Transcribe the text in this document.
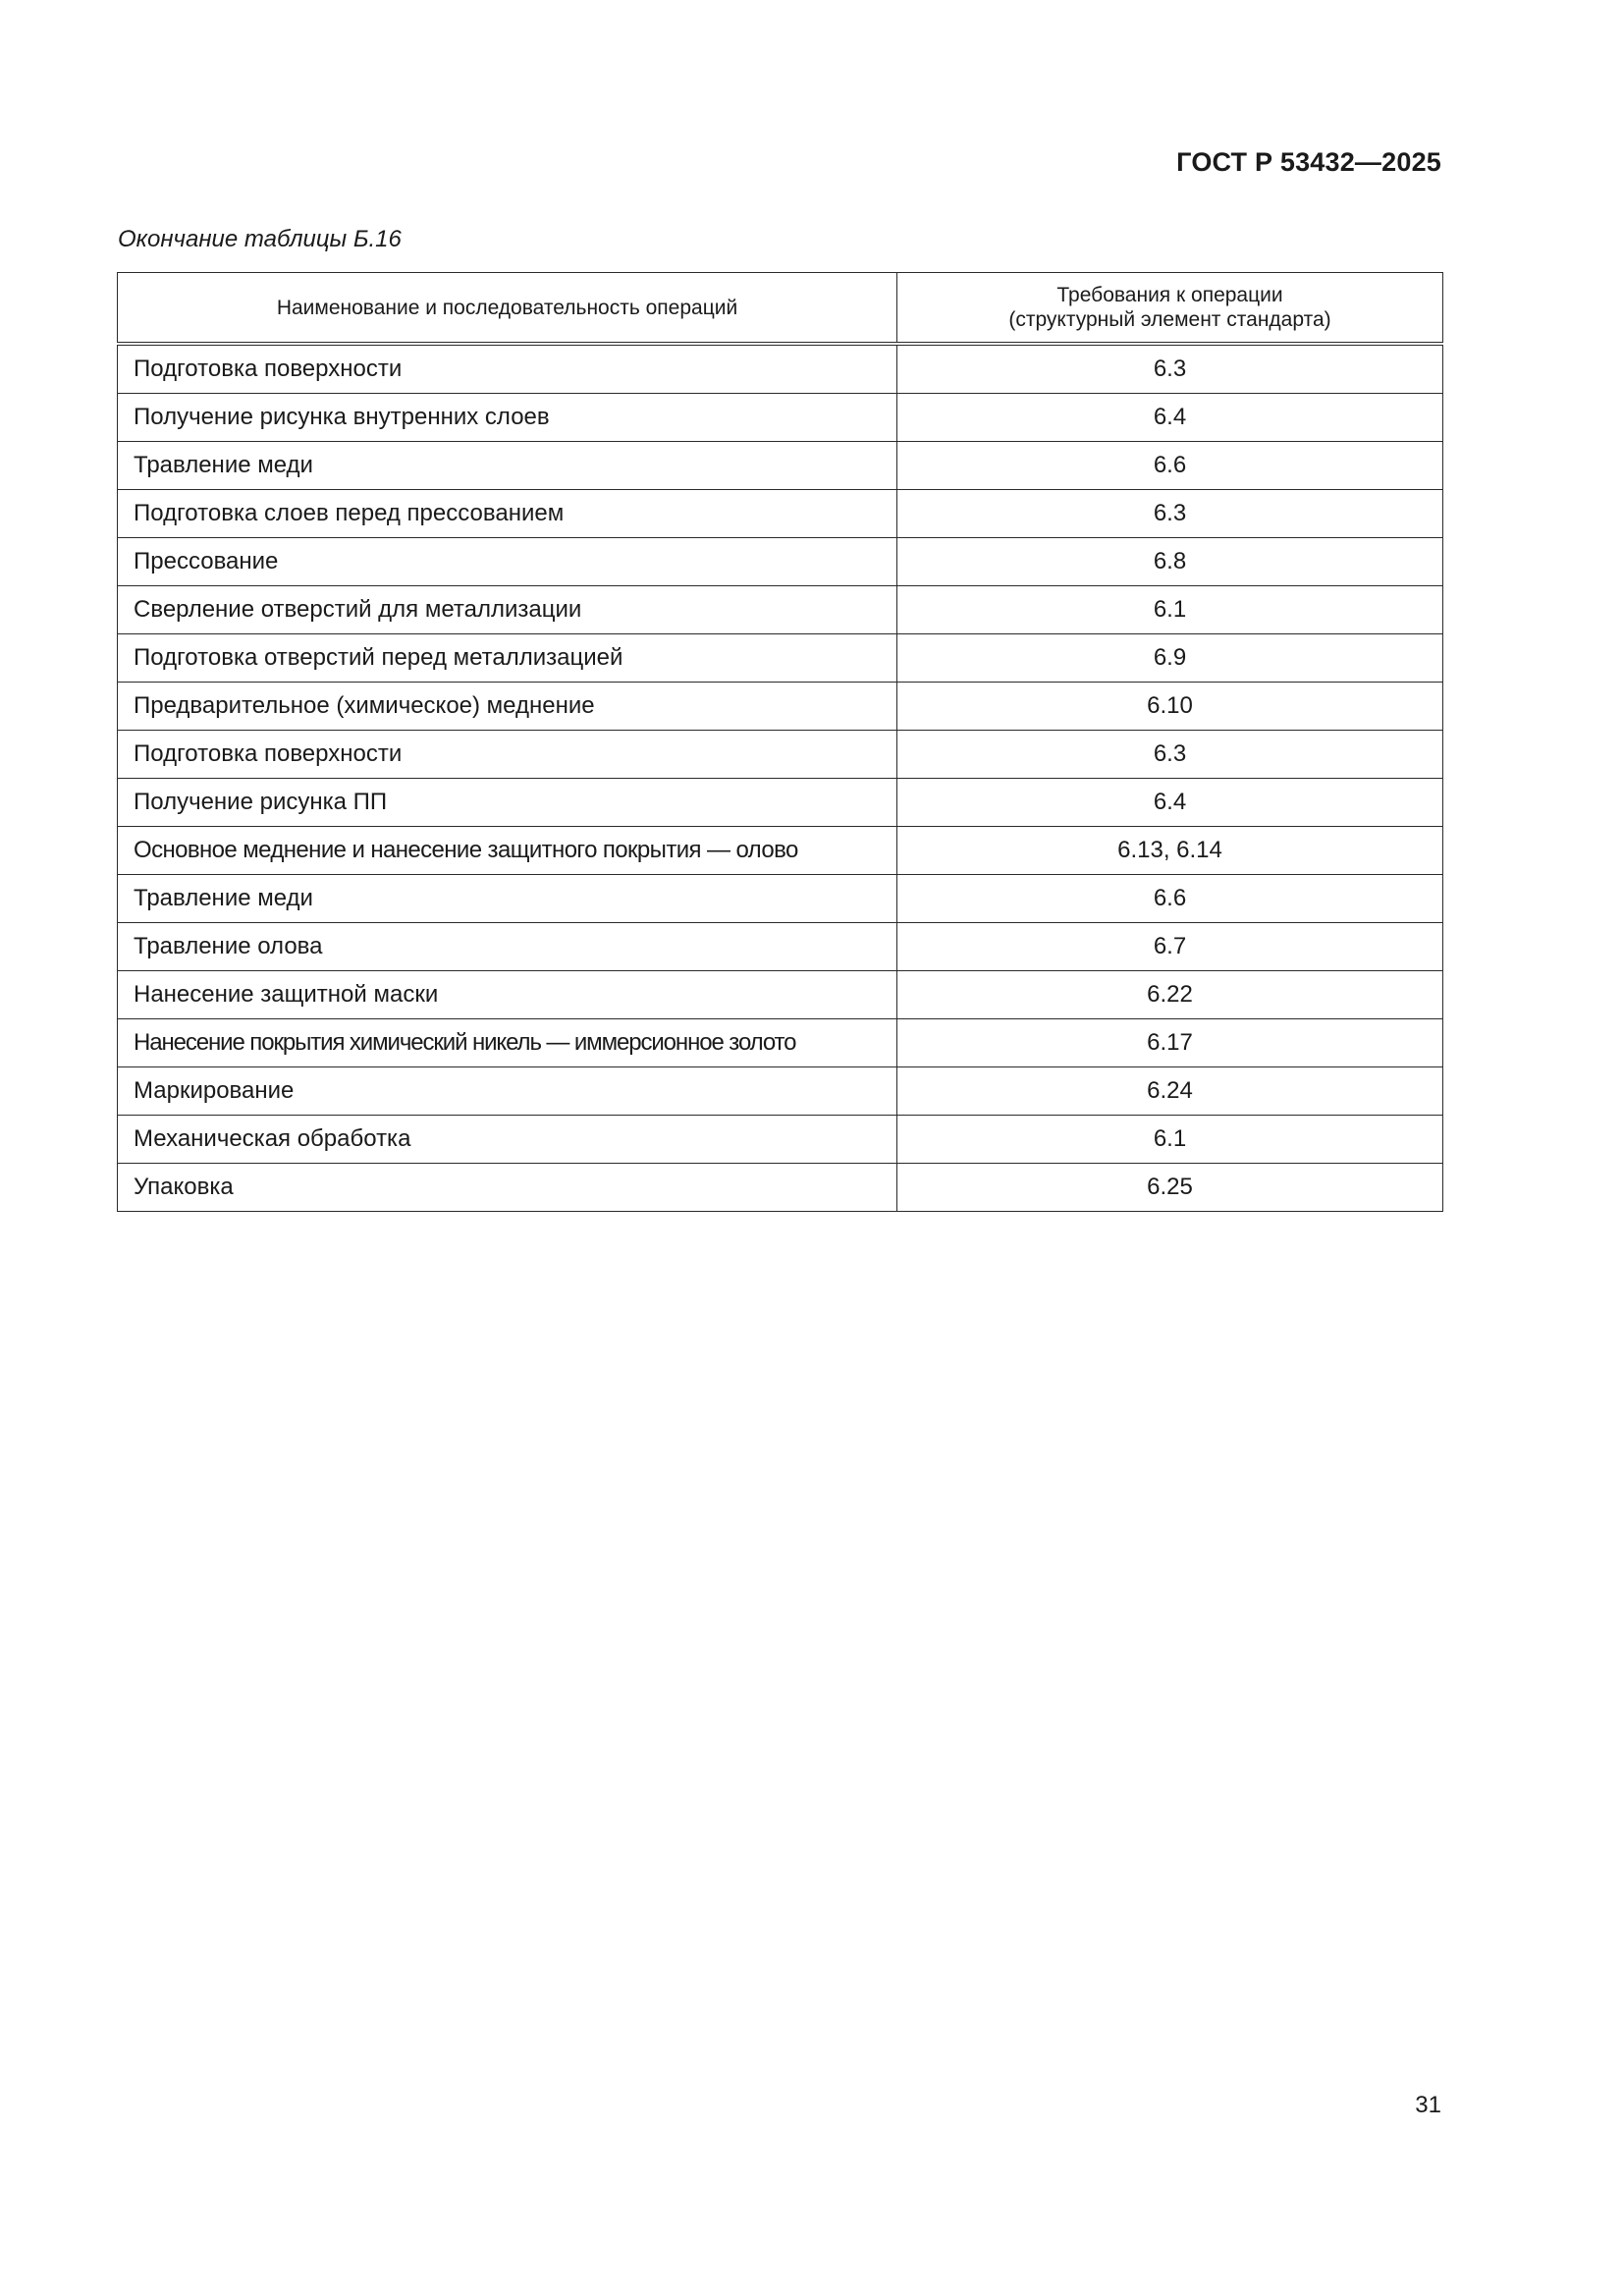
ГОСТ Р 53432—2025
Окончание таблицы Б.16
Наименование и последовательность операций	Требования к операции
(структурный элемент стандарта)
Подготовка поверхности	6.3
Получение рисунка внутренних слоев	6.4
Травление меди	6.6
Подготовка слоев перед прессованием	6.3
Прессование	6.8
Сверление отверстий для металлизации	6.1
Подготовка отверстий перед металлизацией	6.9
Предварительное (химическое) меднение	6.10
Подготовка поверхности	6.3
Получение рисунка ПП	6.4
Основное меднение и нанесение защитного покрытия — олово	6.13, 6.14
Травление меди	6.6
Травление олова	6.7
Нанесение защитной маски	6.22
Нанесение покрытия химический никель — иммерсионное золото	6.17
Маркирование	6.24
Механическая обработка	6.1
Упаковка	6.25
31
